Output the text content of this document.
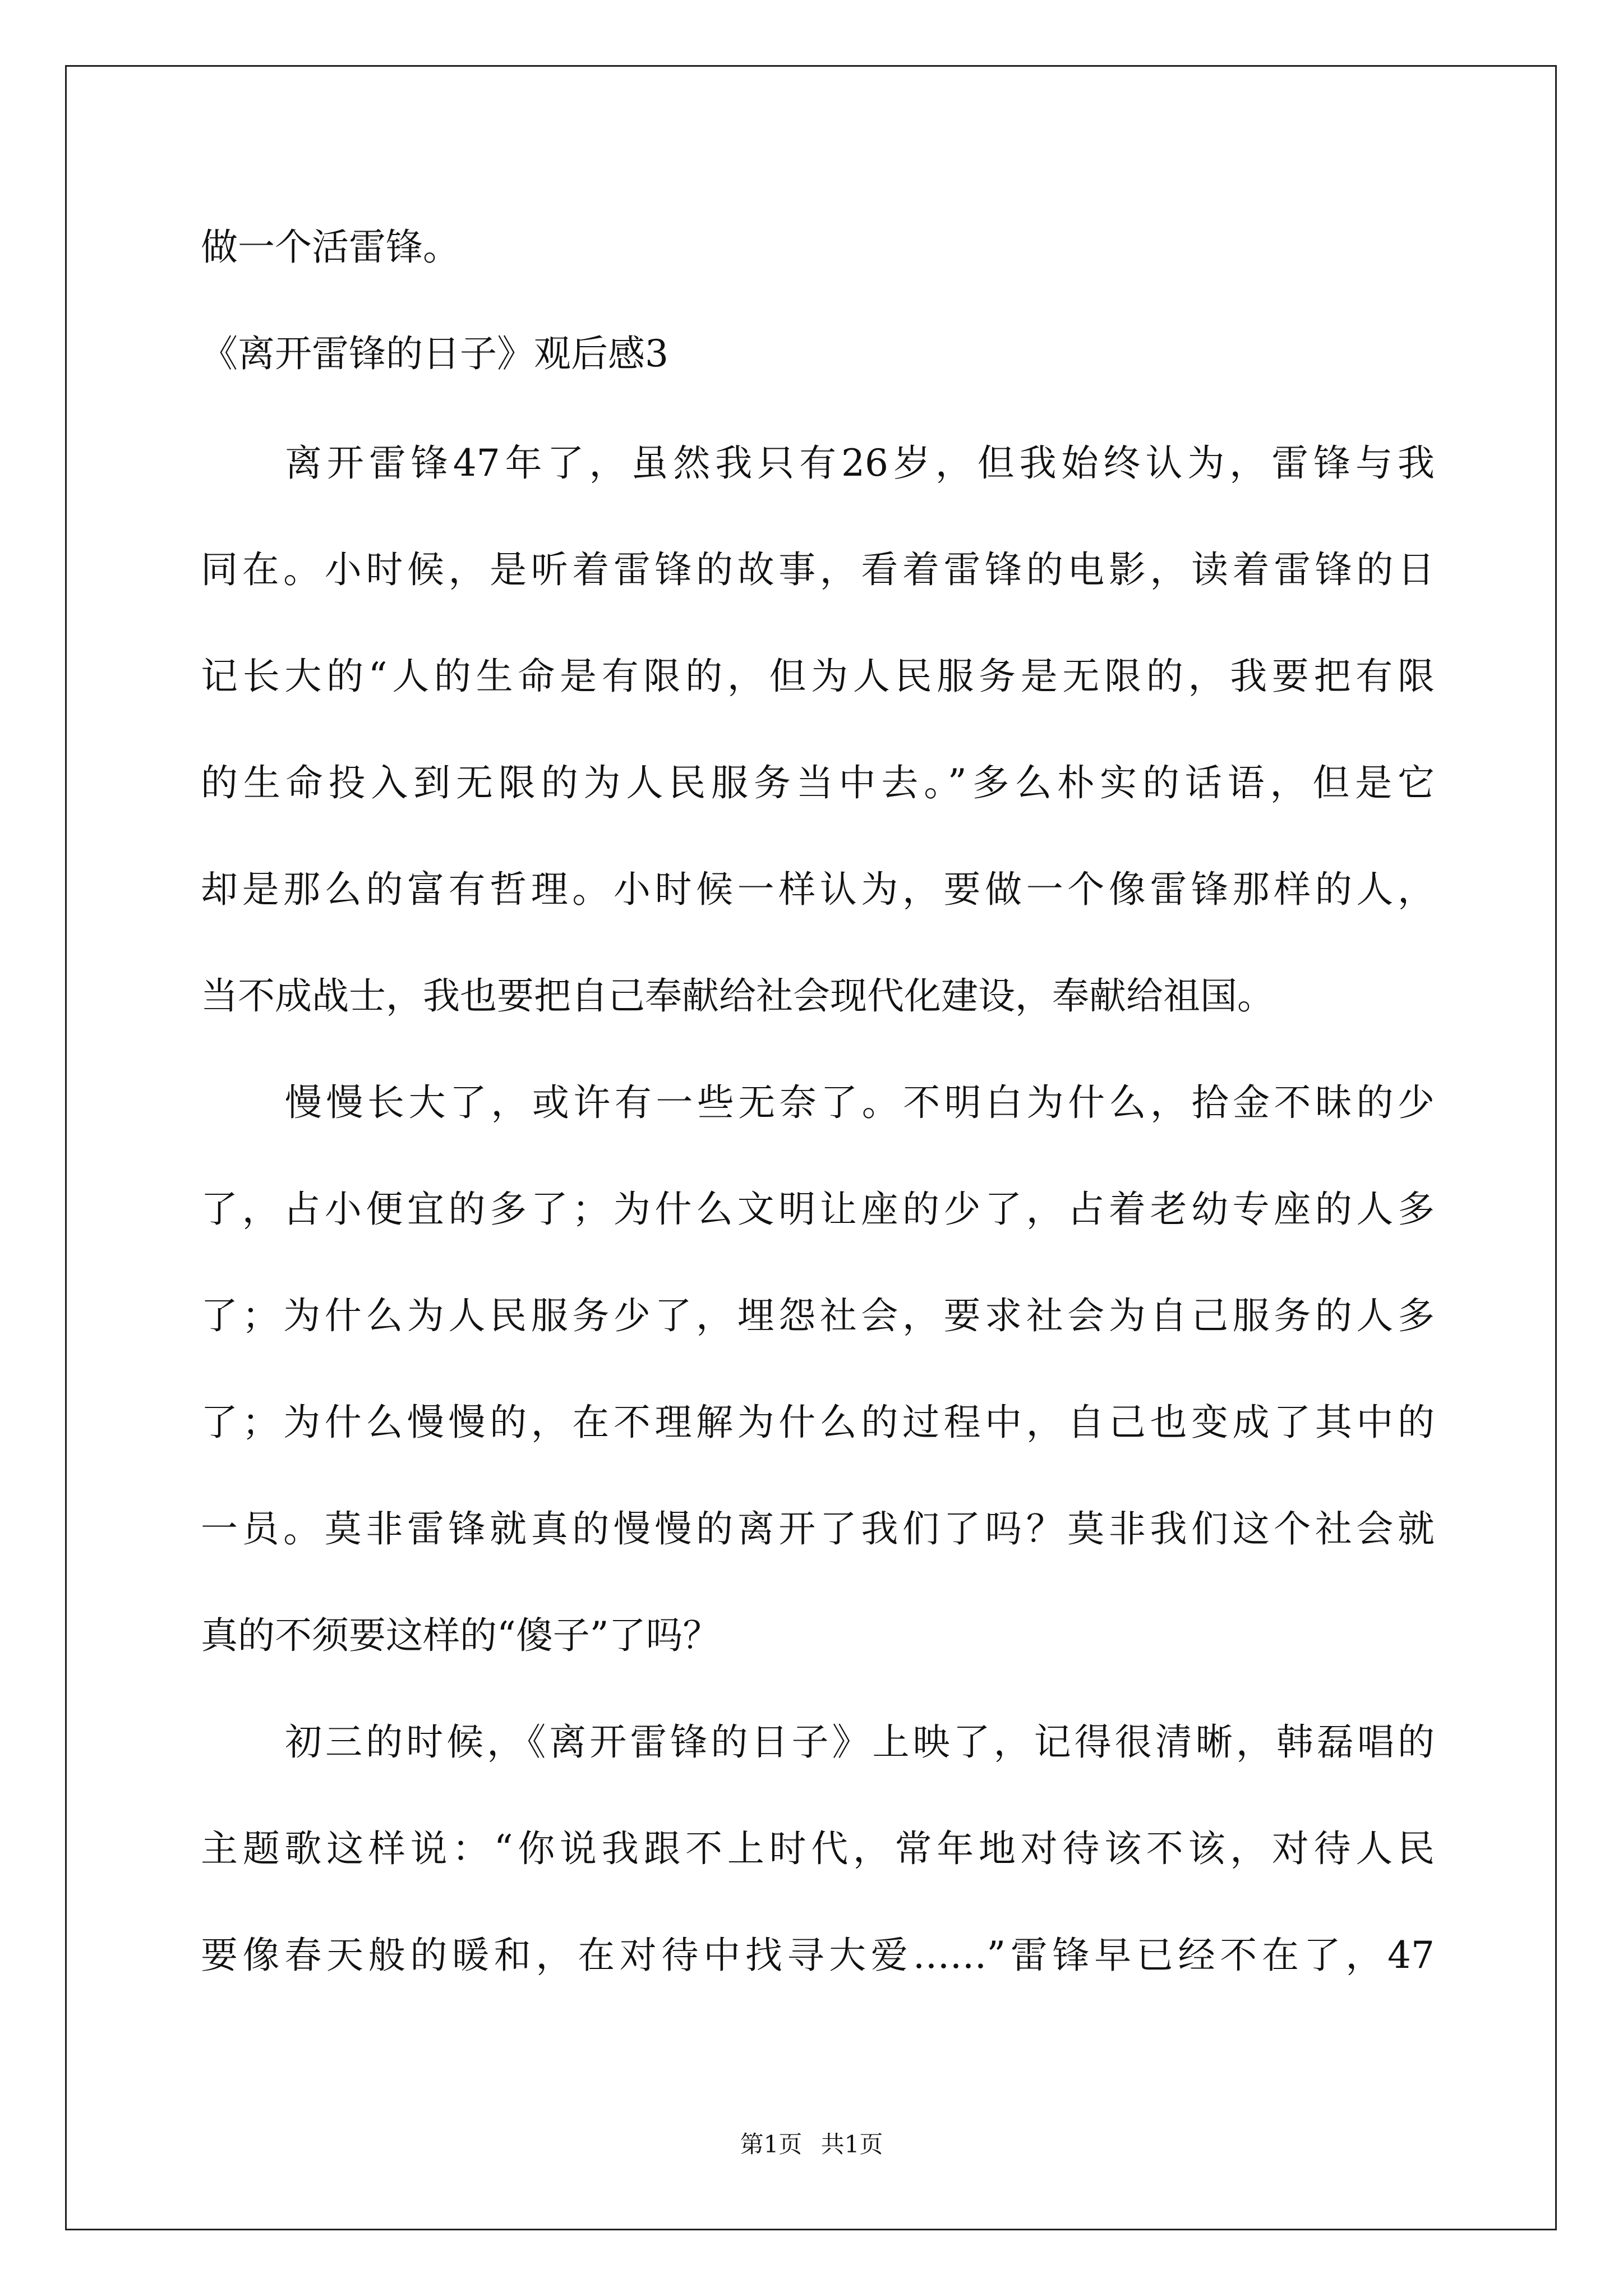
做一个活雷锋。
《离开雷锋的日子》观后感3
离开雷锋47年了，虽然我只有26岁，但我始终认为，雷锋与我
同在。小时候，是听着雷锋的故事，看着雷锋的电影，读着雷锋的日
记长大的“人的生命是有限的，但为人民服务是无限的，我要把有限
的生命投入到无限的为人民服务当中去。”多么朴实的话语，但是它
却是那么的富有哲理。小时候一样认为，要做一个像雷锋那样的人，
当不成战士，我也要把自己奉献给社会现代化建设，奉献给祖国。
慢慢长大了，或许有一些无奈了。不明白为什么，拾金不昧的少
了，占小便宜的多了；为什么文明让座的少了，占着老幼专座的人多
了；为什么为人民服务少了，埋怨社会，要求社会为自己服务的人多
了；为什么慢慢的，在不理解为什么的过程中，自己也变成了其中的
一员。莫非雷锋就真的慢慢的离开了我们了吗？莫非我们这个社会就
真的不须要这样的“傻子”了吗？
初三的时候，《离开雷锋的日子》上映了，记得很清晰，韩磊唱的
主题歌这样说：“你说我跟不上时代，常年地对待该不该，对待人民
要像春天般的暖和，在对待中找寻大爱……”雷锋早已经不在了，47
第1页 共1页
